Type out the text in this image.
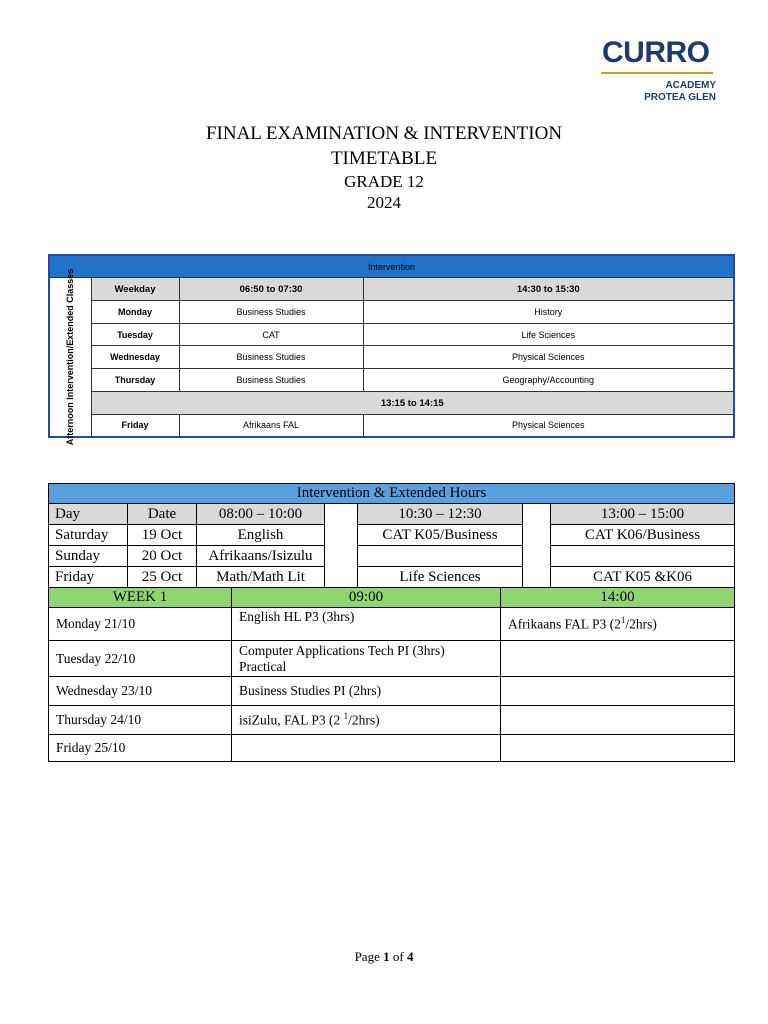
CURRO
ACADEMY
PROTEA GLEN
FINAL EXAMINATION & INTERVENTION
TIMETABLE
GRADE 12
2024
Intervention			

Afternoon Intervention/Extended Classes	Weekday	06:50 to 07:30	14:30 to 15:30
	Monday	Business Studies	History
	Tuesday	CAT	Life Sciences
	Wednesday	Business Studies	Physical Sciences
	Thursday	Business Studies	Geography/Accounting
	13:15 to 14:15		
	Friday	Afrikaans FAL	Physical Sciences
Intervention & Extended Hours						
Day	Date	08:00 – 10:00		10:30 – 12:30		13:00 – 15:00
Saturday	19 Oct	English		CAT K05/Business		CAT K06/Business
Sunday	20 Oct	Afrikaans/Isizulu				
Friday	25 Oct	Math/Math Lit		Life Sciences		CAT K05 &K06
WEEK 1	09:00	14:00
Monday 21/10	English HL P3 (3hrs)	Afrikaans FAL P3 $(2^1/2hrs)$
Tuesday 22/10	Computer Applications Tech PI (3hrs)
Practical	

Wednesday 23/10	Business Studies PI (2hrs)	
Thursday 24/10	isiZulu, FAL P3 (2 $^1$/2hrs)	
Friday 25/10		
Page 1 of 4
